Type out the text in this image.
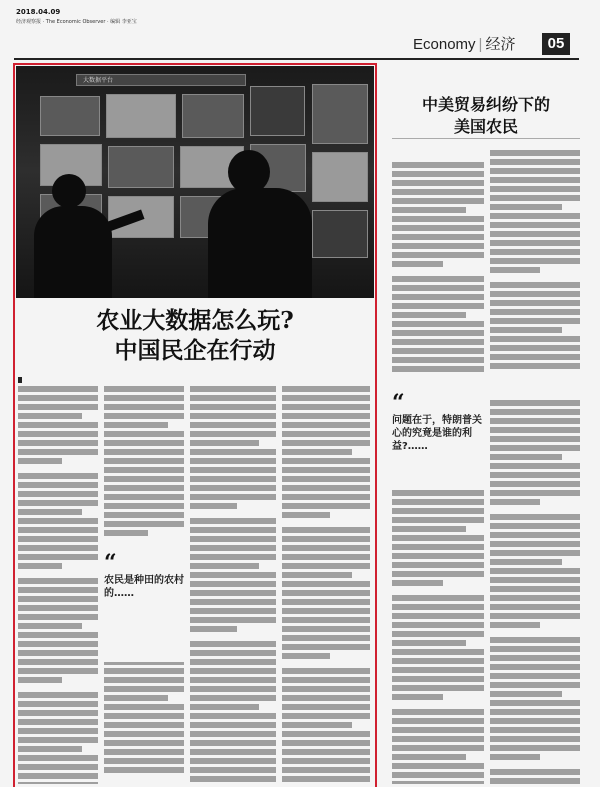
2018.04.09
经济观察报 · The Economic Observer · 编辑 李亚宝
Economy | 经济	05
大数据平台
农业大数据怎么玩?
中国民企在行动
“
农民是种田的农村的……
中美贸易纠纷下的
美国农民
“
问题在于，特朗普关心的究竟是谁的利益?……
